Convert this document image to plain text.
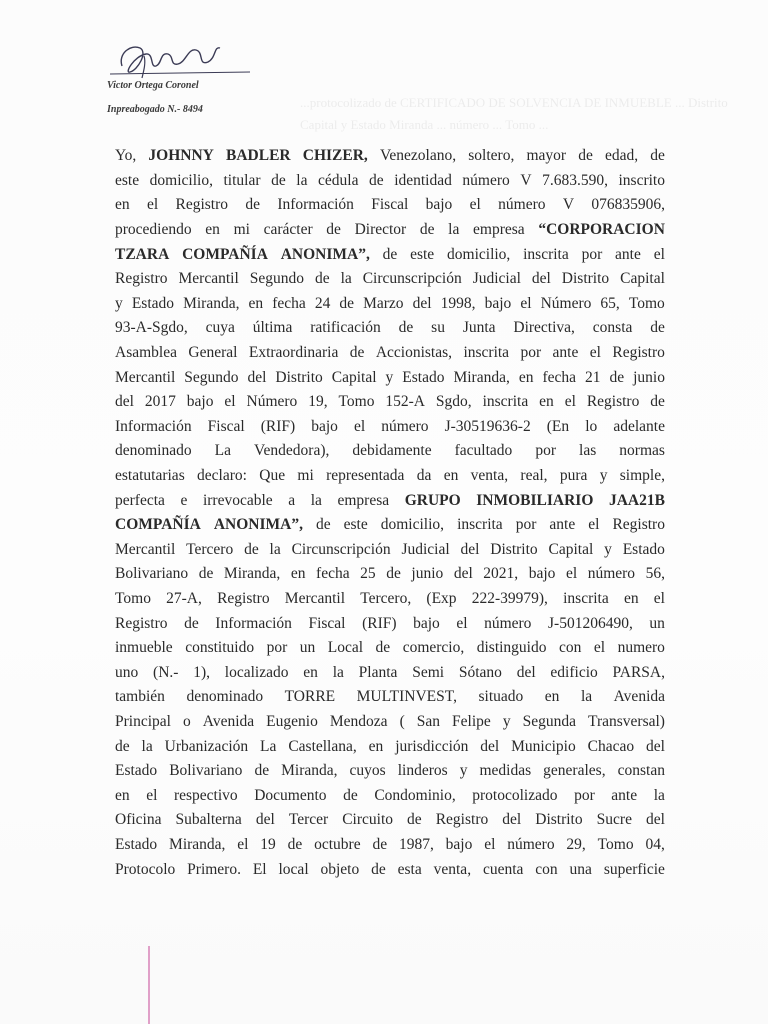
...protocolizado de CERTIFICADO DE SOLVENCIA DE INMUEBLE ... Distrito Capital y Estado Miranda ... número ... Tomo ...
Victor Ortega Coronel
Inpreabogado N.- 8494
Yo, JOHNNY BADLER CHIZER, Venezolano, soltero, mayor de edad, de
este domicilio, titular de la cédula de identidad número V 7.683.590, inscrito
en el Registro de Información Fiscal bajo el número V 076835906,
procediendo en mi carácter de Director de la empresa “CORPORACION
TZARA COMPAÑÍA ANONIMA”, de este domicilio, inscrita por ante el
Registro Mercantil Segundo de la Circunscripción Judicial del Distrito Capital
y Estado Miranda, en fecha 24 de Marzo del 1998, bajo el Número 65, Tomo
93-A-Sgdo, cuya última ratificación de su Junta Directiva, consta de
Asamblea General Extraordinaria de Accionistas, inscrita por ante el Registro
Mercantil Segundo del Distrito Capital y Estado Miranda, en fecha 21 de junio
del 2017 bajo el Número 19, Tomo 152-A Sgdo, inscrita en el Registro de
Información Fiscal (RIF) bajo el número J-30519636-2 (En lo adelante
denominado La Vendedora), debidamente facultado por las normas
estatutarias declaro: Que mi representada da en venta, real, pura y simple,
perfecta e irrevocable a la empresa GRUPO INMOBILIARIO JAA21B
COMPAÑÍA ANONIMA”, de este domicilio, inscrita por ante el Registro
Mercantil Tercero de la Circunscripción Judicial del Distrito Capital y Estado
Bolivariano de Miranda, en fecha 25 de junio del 2021, bajo el número 56,
Tomo 27-A, Registro Mercantil Tercero, (Exp 222-39979), inscrita en el
Registro de Información Fiscal (RIF) bajo el número J-501206490, un
inmueble constituido por un Local de comercio, distinguido con el numero
uno (N.- 1), localizado en la Planta Semi Sótano del edificio PARSA,
también denominado TORRE MULTINVEST, situado en la Avenida
Principal o Avenida Eugenio Mendoza ( San Felipe y Segunda Transversal)
de la Urbanización La Castellana, en jurisdicción del Municipio Chacao del
Estado Bolivariano de Miranda, cuyos linderos y medidas generales, constan
en el respectivo Documento de Condominio, protocolizado por ante la
Oficina Subalterna del Tercer Circuito de Registro del Distrito Sucre del
Estado Miranda, el 19 de octubre de 1987, bajo el número 29, Tomo 04,
Protocolo Primero. El local objeto de esta venta, cuenta con una superficie
